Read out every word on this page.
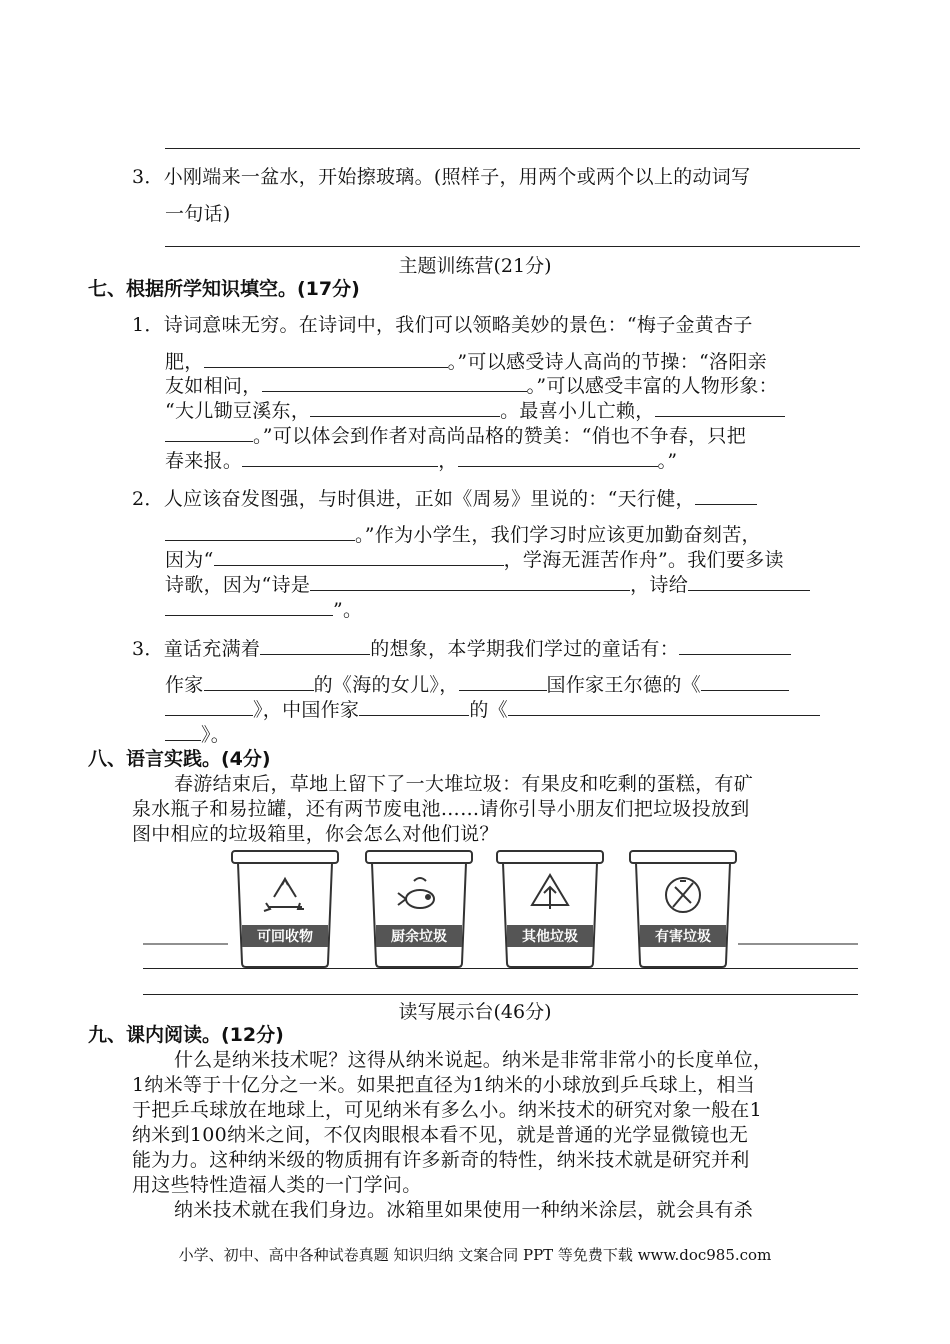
3．小刚端来一盆水，开始擦玻璃。(照样子，用两个或两个以上的动词写
一句话)
主题训练营(21分)
七、根据所学知识填空。(17分)
1．诗词意味无穷。在诗词中，我们可以领略美妙的景色：“梅子金黄杏子
肥，	。”可以感受诗人高尚的节操：“洛阳亲
友如相问，	。”可以感受丰富的人物形象：
“大儿锄豆溪东，	。最喜小儿亡赖，
。”可以体会到作者对高尚品格的赞美：“俏也不争春，只把
春来报。	，	。”
2．人应该奋发图强，与时俱进，正如《周易》里说的：“天行健，
。”作为小学生，我们学习时应该更加勤奋刻苦，
因为“	，学海无涯苦作舟”。我们要多读
诗歌，因为“诗是	，诗给
”。
3．童话充满着	的想象，本学期我们学过的童话有：
作家	的《海的女儿》，	国作家王尔德的《
》，中国作家	的《
》。
八、语言实践。(4分)
春游结束后，草地上留下了一大堆垃圾：有果皮和吃剩的蛋糕，有矿
泉水瓶子和易拉罐，还有两节废电池……请你引导小朋友们把垃圾投放到
图中相应的垃圾箱里，你会怎么对他们说？
可回收物	厨余垃圾	其他垃圾	有害垃圾
读写展示台(46分)
九、课内阅读。(12分)
什么是纳米技术呢？这得从纳米说起。纳米是非常非常小的长度单位，
1纳米等于十亿分之一米。如果把直径为1纳米的小球放到乒乓球上，相当
于把乒乓球放在地球上，可见纳米有多么小。纳米技术的研究对象一般在1
纳米到100纳米之间，不仅肉眼根本看不见，就是普通的光学显微镜也无
能为力。这种纳米级的物质拥有许多新奇的特性，纳米技术就是研究并利
用这些特性造福人类的一门学问。
纳米技术就在我们身边。冰箱里如果使用一种纳米涂层，就会具有杀
小学、初中、高中各种试卷真题 知识归纳 文案合同 PPT 等免费下载 www.doc985.com
